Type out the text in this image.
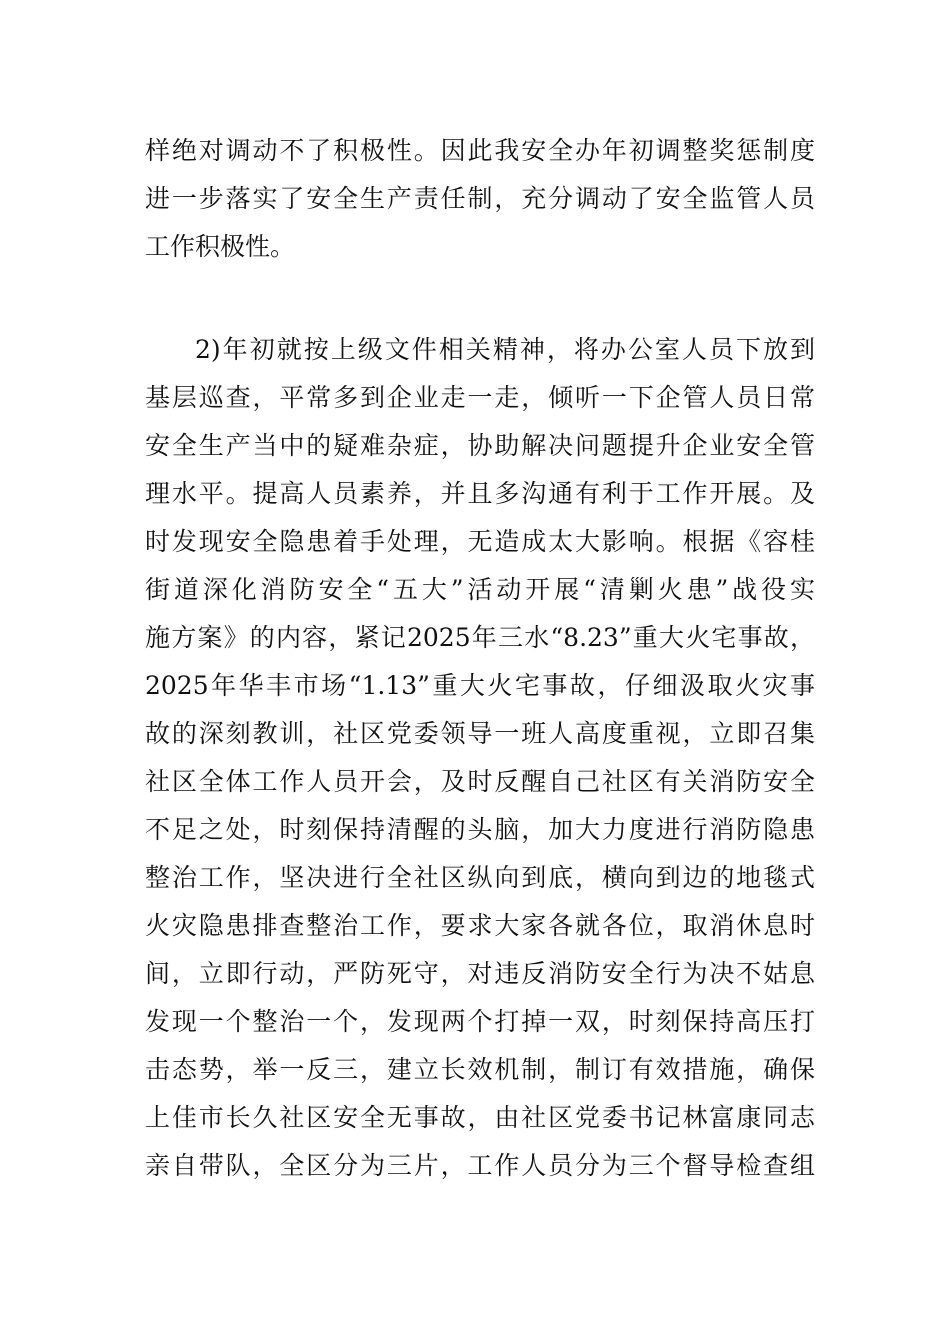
样绝对调动不了积极性。因此我安全办年初调整奖惩制度
进一步落实了安全生产责任制，充分调动了安全监管人员
工作积极性。
2)年初就按上级文件相关精神，将办公室人员下放到
基层巡查，平常多到企业走一走，倾听一下企管人员日常
安全生产当中的疑难杂症，协助解决问题提升企业安全管
理水平。提高人员素养，并且多沟通有利于工作开展。及
时发现安全隐患着手处理，无造成太大影响。根据《容桂
街道深化消防安全“五大”活动开展“清剿火患”战役实
施方案》的内容，紧记2025年三水“8.23”重大火宅事故，
2025年华丰市场“1.13”重大火宅事故，仔细汲取火灾事
故的深刻教训，社区党委领导一班人高度重视，立即召集
社区全体工作人员开会，及时反醒自己社区有关消防安全
不足之处，时刻保持清醒的头脑，加大力度进行消防隐患
整治工作，坚决进行全社区纵向到底，横向到边的地毯式
火灾隐患排查整治工作，要求大家各就各位，取消休息时
间，立即行动，严防死守，对违反消防安全行为决不姑息
发现一个整治一个，发现两个打掉一双，时刻保持高压打
击态势，举一反三，建立长效机制，制订有效措施，确保
上佳市长久社区安全无事故，由社区党委书记林富康同志
亲自带队，全区分为三片，工作人员分为三个督导检查组
